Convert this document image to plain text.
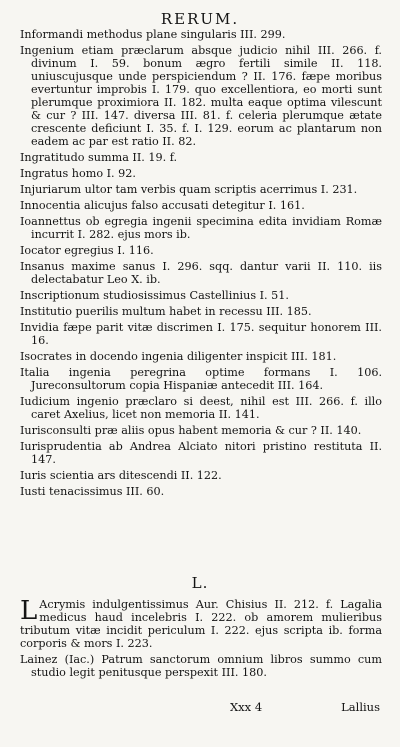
RERUM.

Informandi methodus plane singularis III. 299.

Ingenium etiam præclarum absque judicio nihil III. 266. f. divinum I. 59. bonum ægro fertili simile II. 118. uniuscujusque unde perspiciendum ? II. 176. fæpe moribus evertuntur improbis I. 179. quo excellentiora, eo morti sunt plerumque proximiora II. 182. multa eaque optima vilescunt & cur ? III. 147. diversa III. 81. f. celeria plerumque ætate crescente deficiunt I. 35. f. I. 129. eorum ac plantarum non eadem ac par est ratio II. 82.

Ingratitudo summa II. 19. f.

Ingratus homo I. 92.

Injuriarum ultor tam verbis quam scriptis acerrimus I. 231.

Innocentia alicujus falso accusati detegitur I. 161.

Ioannettus ob egregia ingenii specimina edita invidiam Romæ incurrit I. 282. ejus mors ib.

Iocator egregius I. 116.

Insanus maxime sanus I. 296. sqq. dantur varii II. 110. iis delectabatur Leo X. ib.

Inscriptionum studiosissimus Castellinius I. 51.

Institutio puerilis multum habet in recessu III. 185.

Invidia fæpe parit vitæ discrimen I. 175. sequitur honorem III. 16.

Isocrates in docendo ingenia diligenter inspicit III. 181.

Italia ingenia peregrina optime formans I. 106. Jureconsultorum copia Hispaniæ antecedit III. 164.

Iudicium ingenio præclaro si deest, nihil est III. 266. f. illo caret Axelius, licet non memoria II. 141.

Iurisconsulti præ aliis opus habent memoria & cur ? II. 140.

Iurisprudentia ab Andrea Alciato nitori pristino restituta II. 147.

Iuris scientia ars ditescendi II. 122.

Iusti tenacissimus III. 60.

L.

L Acrymis indulgentissimus Aur. Chisius II. 212. f. Lagalia medicus haud incelebris I. 222. ob amorem mulieribus tributum vitæ incidit periculum I. 222. ejus scripta ib. forma corporis & mors I. 223.

Lainez (Iac.) Patrum sanctorum omnium libros summo cum studio legit penitusque perspexit III. 180.

Xxx 4	Lallius
